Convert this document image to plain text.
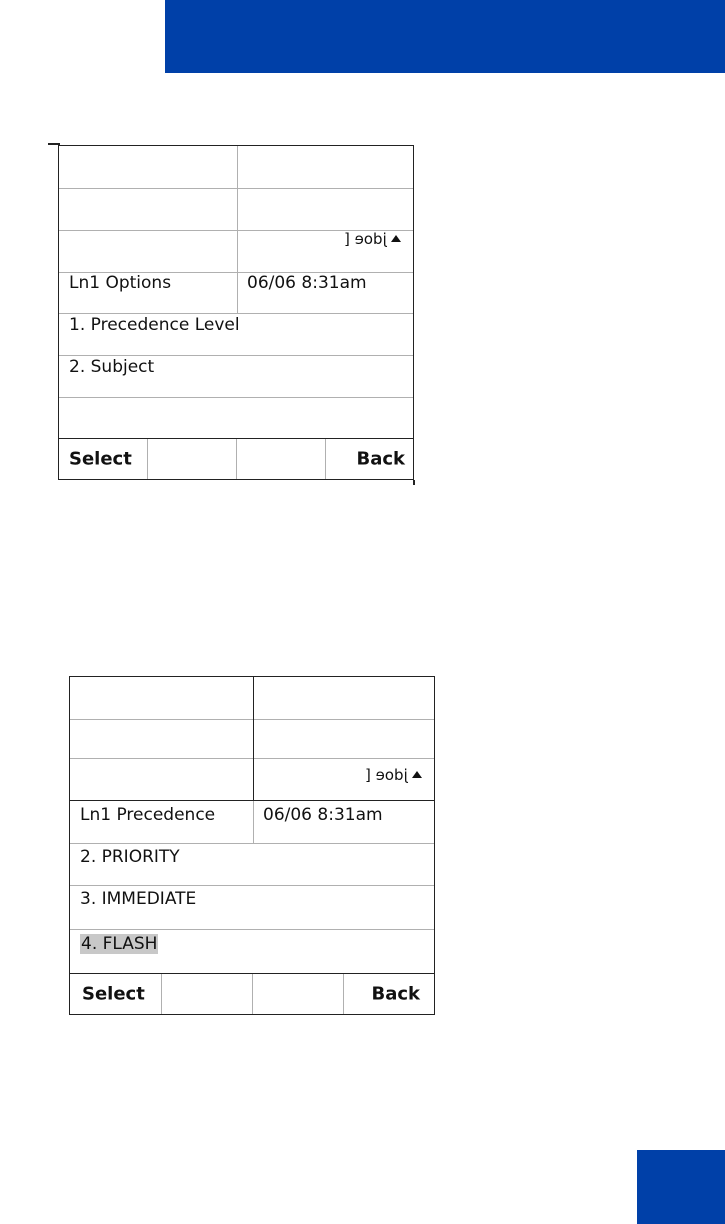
jdoe [
Ln1 Options	06/06 8:31am
1. Precedence Level
2. Subject
Select	Back
jdoe [
Ln1 Precedence	06/06 8:31am
2. PRIORITY
3. IMMEDIATE
4. FLASH
Select	Back
